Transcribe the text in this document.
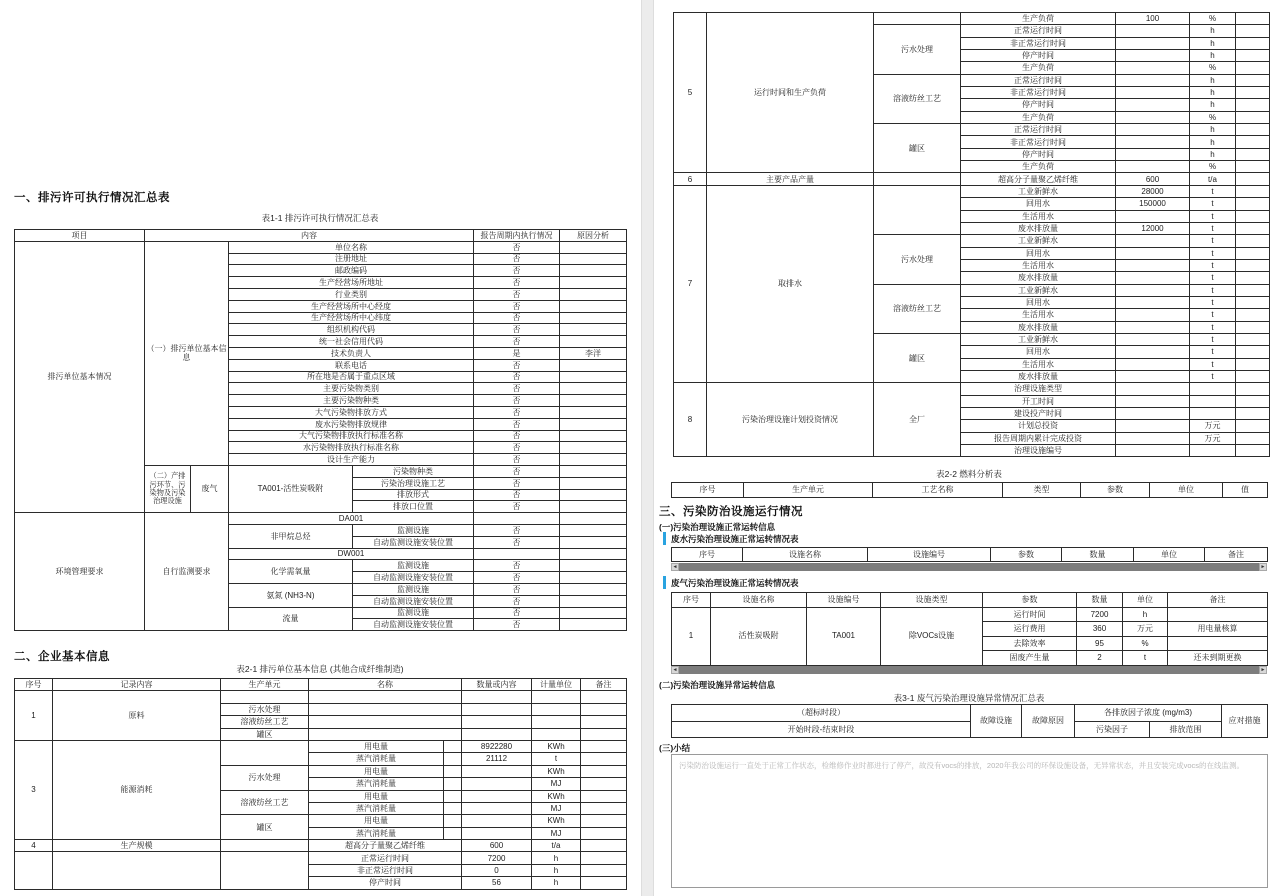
一、排污许可执行情况汇总表
表1-1 排污许可执行情况汇总表
项目	内容				报告周期内执行情况	原因分析
排污单位基本情况	（一）排污单位基本信息		单位名称		否	
			注册地址		否	
			邮政编码		否	
			生产经营场所地址		否	
			行业类别		否	
			生产经营场所中心经度		否	
			生产经营场所中心纬度		否	
			组织机构代码		否	
			统一社会信用代码		否	
			技术负责人		是	李洋
			联系电话		否	
			所在地是否属于重点区域		否	
			主要污染物类别		否	
			主要污染物种类		否	
			大气污染物排放方式		否	
			废水污染物排放规律		否	
			大气污染物排放执行标准名称		否	
			水污染物排放执行标准名称		否	
			设计生产能力		否	
	（二）产排污环节、污染物及污染治理设施	废气	TA001-活性炭吸附	污染物种类	否	
				污染治理设施工艺	否	
				排放形式	否	
				排放口位置	否	
环境管理要求	自行监测要求		DA001			
			非甲烷总烃	监测设施	否	
				自动监测设施安装位置	否	
			DW001			
			化学需氧量	监测设施	否	
				自动监测设施安装位置	否	
			氨氮 (NH3-N)	监测设施	否	
				自动监测设施安装位置	否	
			流量	监测设施	否	
				自动监测设施安装位置	否	
二、企业基本信息
表2-1 排污单位基本信息 (其他合成纤维制造)
序号	记录内容	生产单元	名称		数量或内容	计量单位	备注
1	原料						
		污水处理					
		溶液纺丝工艺					
		罐区					
3	能源消耗		用电量		8922280	KWh	
			蒸汽消耗量		21112	t	
		污水处理	用电量			KWh	
			蒸汽消耗量			MJ	
		溶液纺丝工艺	用电量			KWh	
			蒸汽消耗量			MJ	
		罐区	用电量			KWh	
			蒸汽消耗量			MJ	
4	生产规模		超高分子量聚乙烯纤维		600	t/a	
			正常运行时间		7200	h	
			非正常运行时间		0	h	
			停产时间		56	h	
5	运行时间和生产负荷		生产负荷	100	%	
		污水处理	正常运行时间		h	
			非正常运行时间		h	
			停产时间		h	
			生产负荷		%	
		溶液纺丝工艺	正常运行时间		h	
			非正常运行时间		h	
			停产时间		h	
			生产负荷		%	
		罐区	正常运行时间		h	
			非正常运行时间		h	
			停产时间		h	
			生产负荷		%	
6	主要产品产量		超高分子量聚乙烯纤维	600	t/a	
7	取排水		工业新鲜水	28000	t	
			回用水	150000	t	
			生活用水		t	
			废水排放量	12000	t	
		污水处理	工业新鲜水		t	
			回用水		t	
			生活用水		t	
			废水排放量		t	
		溶液纺丝工艺	工业新鲜水		t	
			回用水		t	
			生活用水		t	
			废水排放量		t	
		罐区	工业新鲜水		t	
			回用水		t	
			生活用水		t	
			废水排放量		t	
8	污染治理设施计划投资情况	全厂	治理设施类型			
			开工时间			
			建设投产时间			
			计划总投资		万元	
			报告周期内累计完成投资		万元	
			治理设施编号			
表2-2 燃料分析表
序号	生产单元	工艺名称	类型	参数	单位	值
三、污染防治设施运行情况
(一)污染治理设施正常运转信息
废水污染治理设施正常运转情况表
序号	设施名称	设施编号	参数	数量	单位	备注
◄	►
废气污染治理设施正常运转情况表
序号	设施名称	设施编号	设施类型	参数	数量	单位	备注
1	活性炭吸附	TA001	除VOCs设施	运行时间	7200	h	
				运行费用	360	万元	用电量核算
				去除效率	95	%	
				固废产生量	2	t	还未到期更换
◄	►
(二)污染治理设施异常运转信息
表3-1 废气污染治理设施异常情况汇总表
（超标时段）	故障设施	故障原因	各排放因子浓度 (mg/m3)		应对措施
开始时段-结束时段			污染因子	排放范围	
(三)小结
污染防治设施运行一直处于正常工作状态，检维修作业时都进行了停产，故没有vocs的排放，2020年我公司的环保设施设备，无异常状态，并且安装完成vocs的在线监测。
